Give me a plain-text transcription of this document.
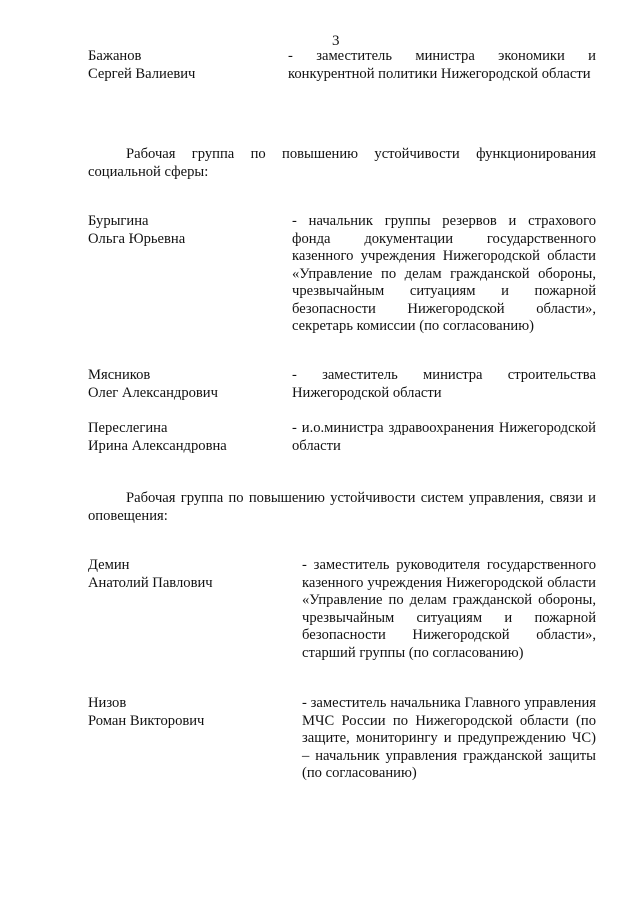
3
Бажанов
Сергей Валиевич
- заместитель министра экономики и конкурентной политики Нижегородской области
Рабочая группа по повышению устойчивости функционирования социальной сферы:
Бурыгина
Ольга Юрьевна
- начальник группы резервов и страхового фонда документации государственного казенного учреждения Нижегородской области «Управление по делам гражданской обороны, чрезвычайным ситуациям и пожарной безопасности Нижегородской области», секретарь комиссии (по согласованию)
Мясников
Олег Александрович
- заместитель министра строительства Нижегородской области
Переслегина
Ирина Александровна
- и.о.министра здравоохранения Нижегородской области
Рабочая группа по повышению устойчивости систем управления, связи и оповещения:
Демин
Анатолий Павлович
- заместитель руководителя государственного казенного учреждения Нижегородской области «Управление по делам гражданской обороны, чрезвычайным ситуациям и пожарной безопасности Нижегородской области», старший группы (по согласованию)
Низов
Роман Викторович
- заместитель начальника Главного управления МЧС России по Нижегородской области (по защите, мониторингу и предупреждению ЧС) – начальник управления гражданской защиты (по согласованию)
